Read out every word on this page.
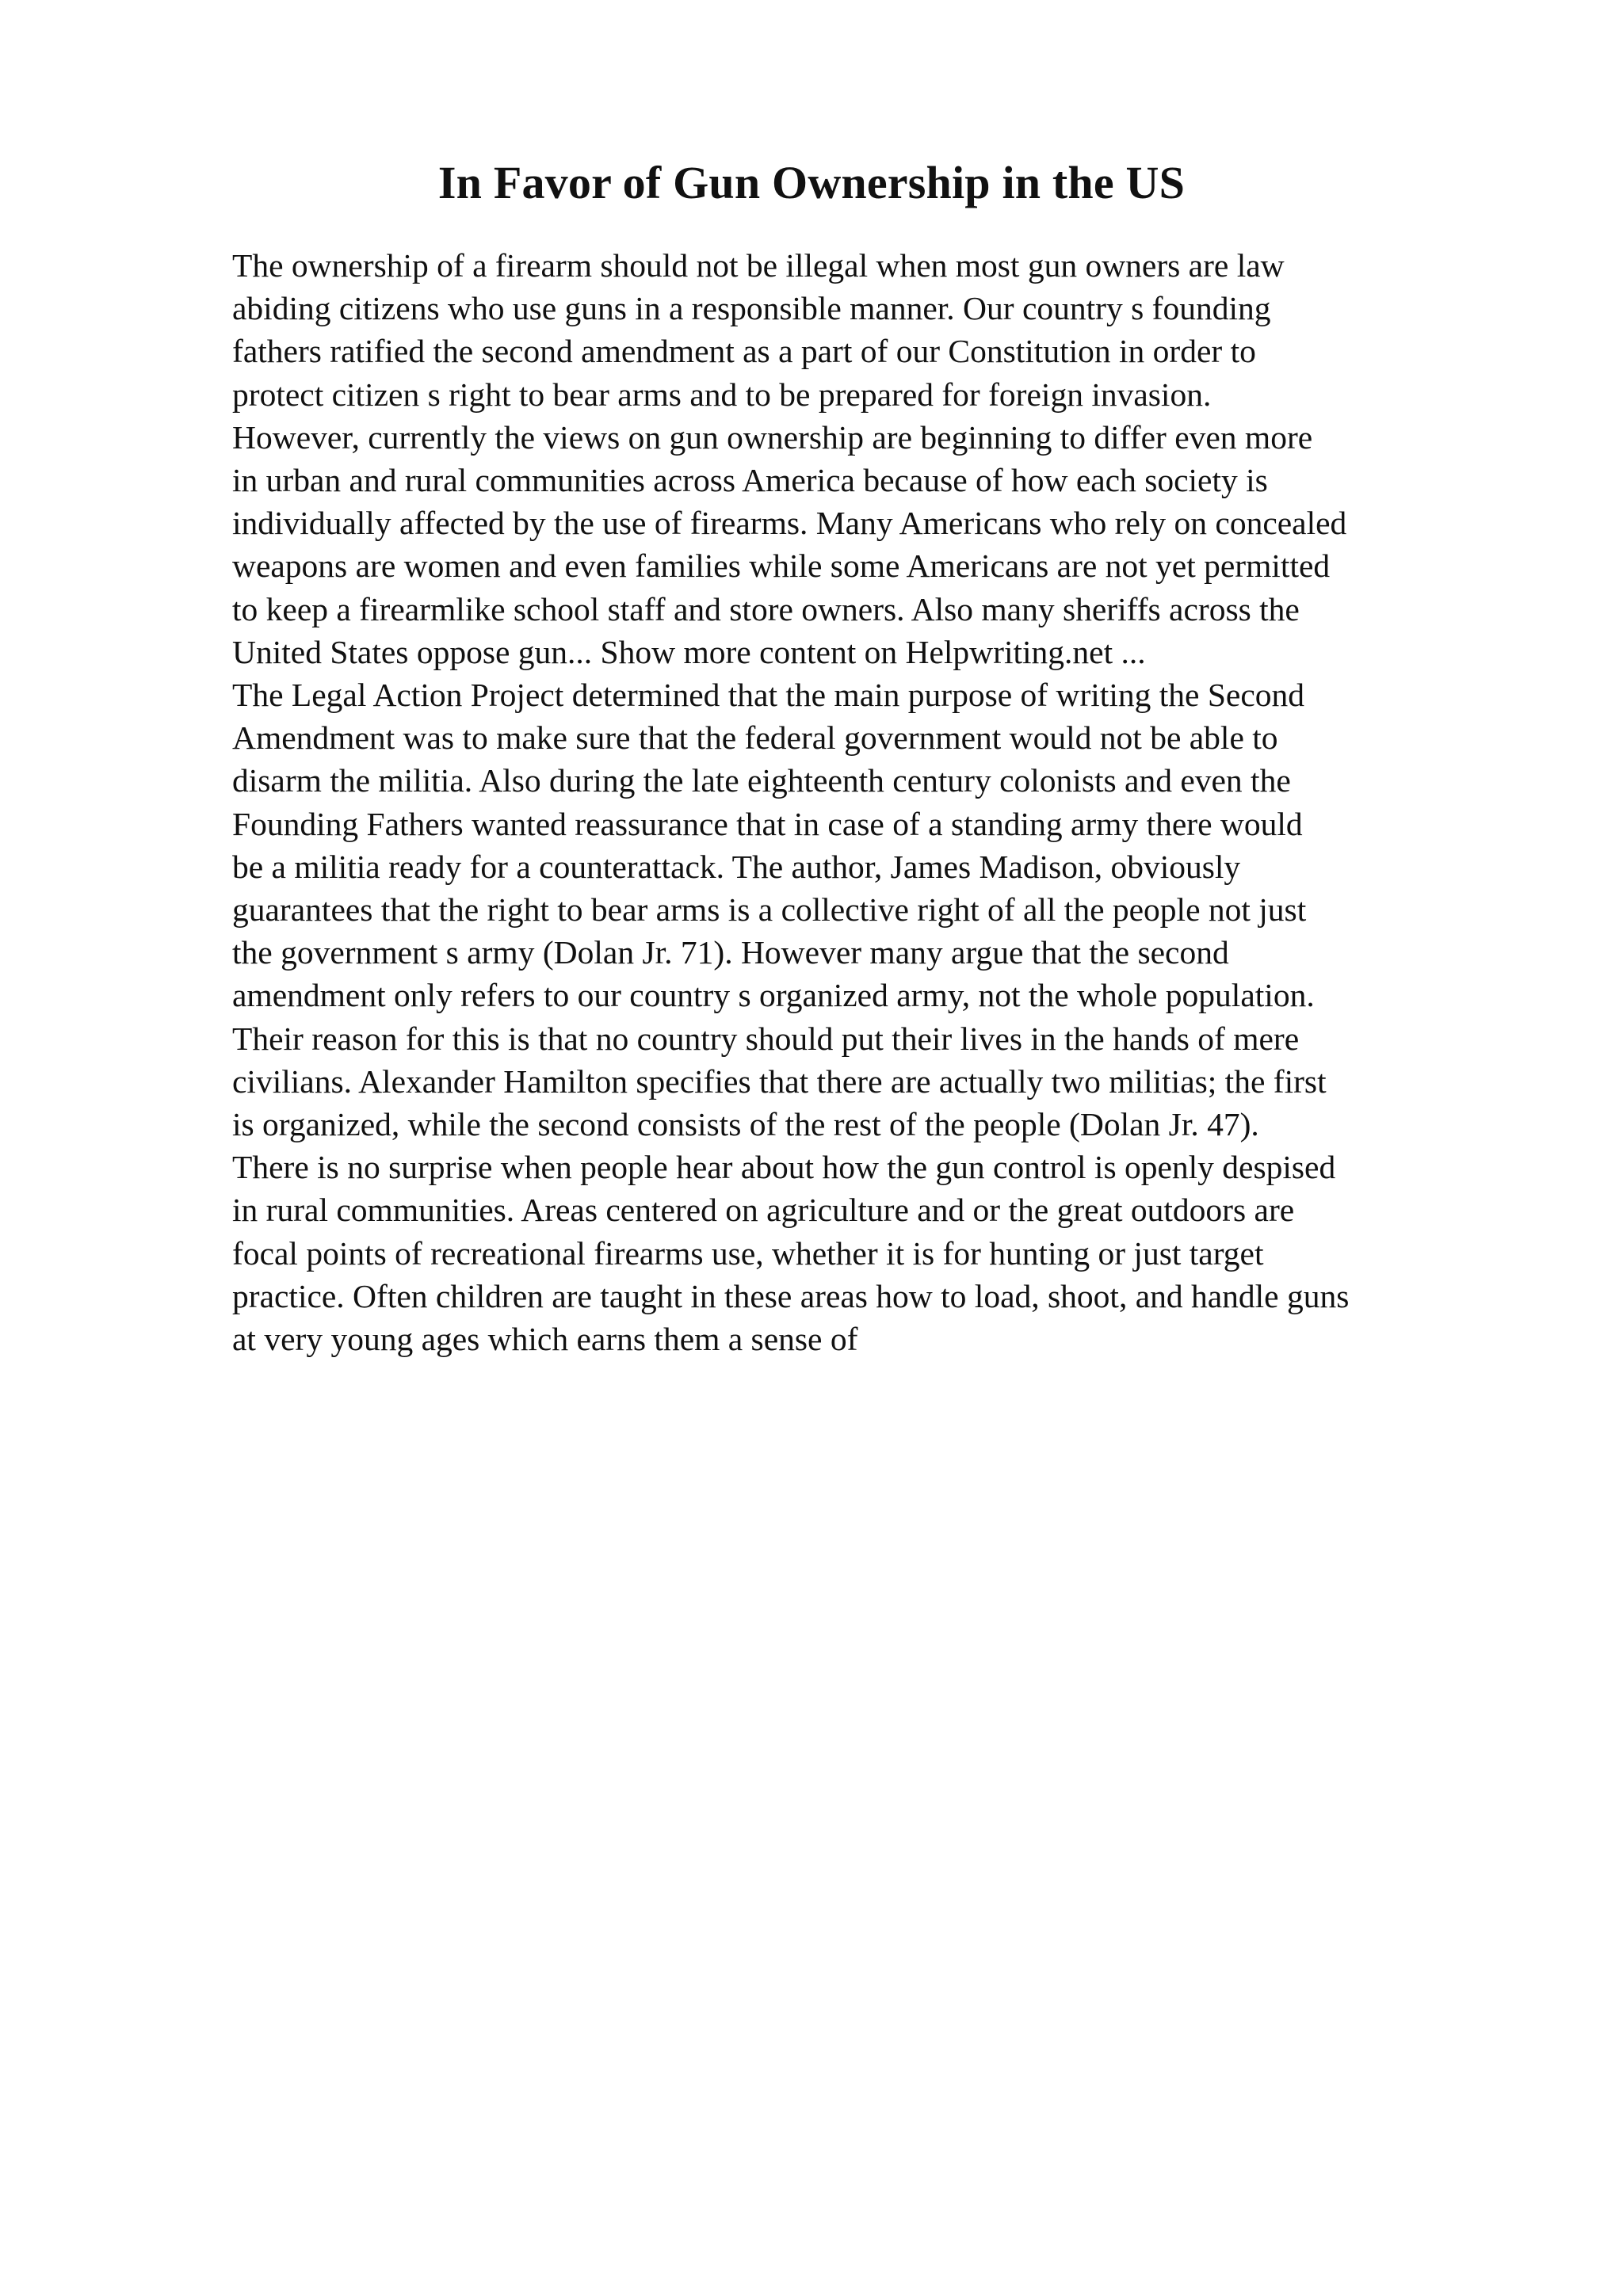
In Favor of Gun Ownership in the US
The ownership of a firearm should not be illegal when most gun owners are law
abiding citizens who use guns in a responsible manner. Our country s founding
fathers ratified the second amendment as a part of our Constitution in order to
protect citizen s right to bear arms and to be prepared for foreign invasion.
However, currently the views on gun ownership are beginning to differ even more
in urban and rural communities across America because of how each society is
individually affected by the use of firearms. Many Americans who rely on concealed
weapons are women and even families while some Americans are not yet permitted
to keep a firearmlike school staff and store owners. Also many sheriffs across the
United States oppose gun... Show more content on Helpwriting.net ...
The Legal Action Project determined that the main purpose of writing the Second
Amendment was to make sure that the federal government would not be able to
disarm the militia. Also during the late eighteenth century colonists and even the
Founding Fathers wanted reassurance that in case of a standing army there would
be a militia ready for a counterattack. The author, James Madison, obviously
guarantees that the right to bear arms is a collective right of all the people not just
the government s army (Dolan Jr. 71). However many argue that the second
amendment only refers to our country s organized army, not the whole population.
Their reason for this is that no country should put their lives in the hands of mere
civilians. Alexander Hamilton specifies that there are actually two militias; the first
is organized, while the second consists of the rest of the people (Dolan Jr. 47).
There is no surprise when people hear about how the gun control is openly despised
in rural communities. Areas centered on agriculture and or the great outdoors are
focal points of recreational firearms use, whether it is for hunting or just target
practice. Often children are taught in these areas how to load, shoot, and handle guns
at very young ages which earns them a sense of
